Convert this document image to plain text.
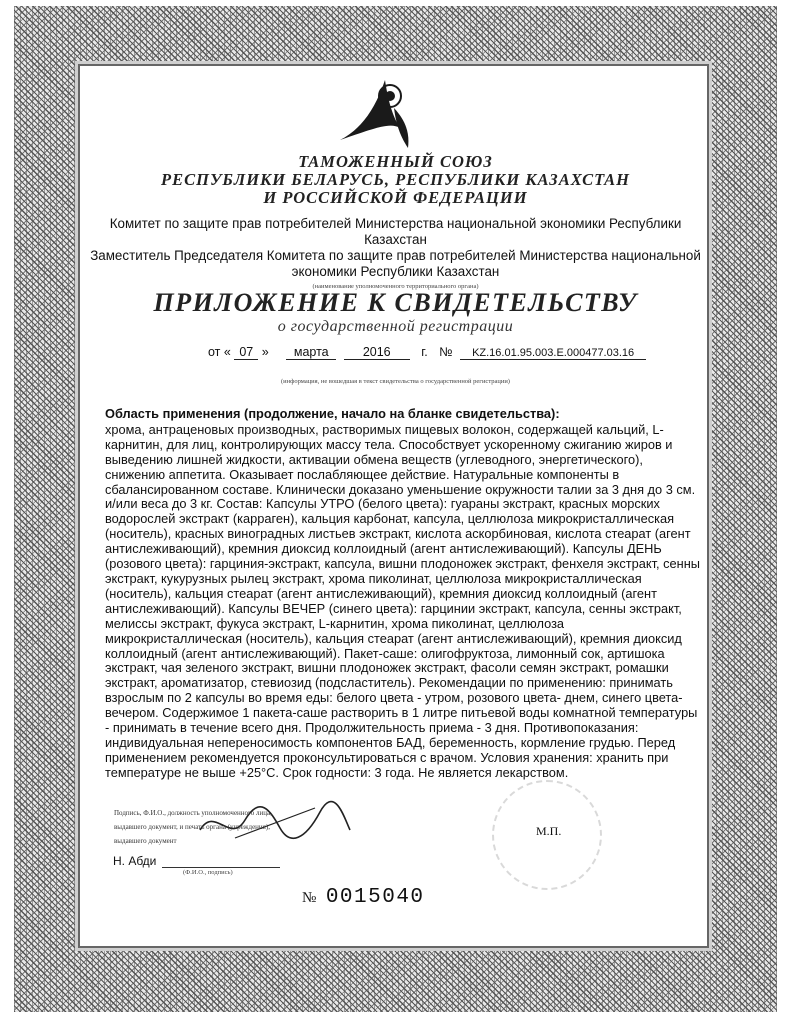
ТАМОЖЕННЫЙ СОЮЗ
РЕСПУБЛИКИ БЕЛАРУСЬ, РЕСПУБЛИКИ КАЗАХСТАН
И РОССИЙСКОЙ ФЕДЕРАЦИИ
Комитет по защите прав потребителей Министерства национальной экономики Республики
Казахстан
Заместитель Председателя Комитета по защите прав потребителей Министерства национальной
экономики Республики Казахстан
(наименование уполномоченного территориального органа)
ПРИЛОЖЕНИЕ К СВИДЕТЕЛЬСТВУ
о государственной регистрации
от « 07 » марта	2016 г. № KZ.16.01.95.003.Е.000477.03.16
(информация, не вошедшая в текст свидетельства о государственной регистрации)
Область применения (продолжение, начало на бланке свидетельства):
хрома, антраценовых производных, растворимых пищевых волокон, содержащей кальций, L-карнитин, для лиц, контролирующих массу тела. Способствует ускоренному сжиганию жиров и выведению лишней жидкости, активации обмена веществ (углеводного, энергетического), снижению аппетита. Оказывает послабляющее действие. Натуральные компоненты в сбалансированном составе. Клинически доказано уменьшение окружности талии за 3 дня до 3 см. и/или веса до 3 кг. Состав: Капсулы УТРО (белого цвета): гуараны экстракт, красных морских водорослей экстракт (карраген), кальция карбонат, капсула, целлюлоза микрокристаллическая (носитель), красных виноградных листьев экстракт, кислота аскорбиновая, кислота стеарат (агент антислеживающий), кремния диоксид коллоидный (агент антислеживающий). Капсулы ДЕНЬ (розового цвета): гарциния-экстракт, капсула, вишни плодоножек экстракт, фенхеля экстракт, сенны экстракт, кукурузных рылец экстракт, хрома пиколинат, целлюлоза микрокристаллическая (носитель), кальция стеарат (агент антислеживающий), кремния диоксид коллоидный (агент антислеживающий). Капсулы ВЕЧЕР (синего цвета): гарцинии экстракт, капсула, сенны экстракт, мелиссы экстракт, фукуса экстракт, L-карнитин, хрома пиколинат, целлюлоза микрокристаллическая (носитель), кальция стеарат (агент антислеживающий), кремния диоксид коллоидный (агент антислеживающий). Пакет-саше: олигофруктоза, лимонный сок, артишока экстракт, чая зеленого экстракт, вишни плодоножек экстракт, фасоли семян экстракт, ромашки экстракт, ароматизатор, стевиозид (подсластитель). Рекомендации по применению: принимать взрослым по 2 капсулы во время еды: белого цвета - утром, розового цвета- днем, синего цвета- вечером. Содержимое 1 пакета-саше растворить в 1 литре питьевой воды комнатной температуры - принимать в течение всего дня. Продолжительность приема - 3 дня. Противопоказания: индивидуальная непереносимость компонентов БАД, беременность, кормление грудью. Перед применением рекомендуется проконсультироваться с врачом. Условия хранения: хранить при температуре не выше +25°С. Срок годности: 3 года. Не является лекарством.
Подпись, Ф.И.О., должность уполномоченного лица,
выдавшего документ, и печать органа (учреждения),
выдавшего документ
Н. Абди
(Ф.И.О., подпись)
М.П.
№ 0015040
